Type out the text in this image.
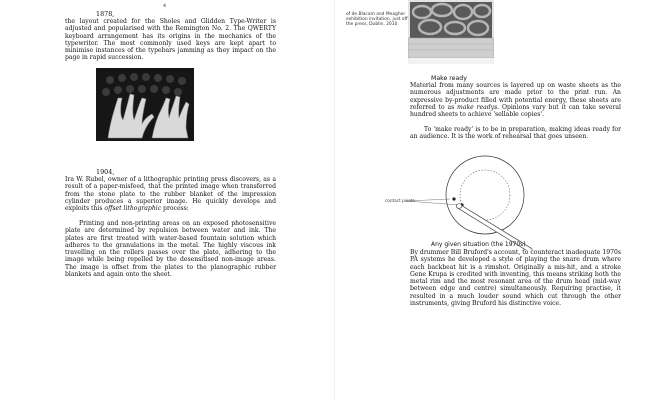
4
1878,

the layout created for the Sholes and Glidden Type-Writer is adjusted and popularised with the Remington No. 2. The QWERTY keyboard arrangement has its origins in the mechanics of the typewriter. The most commonly used keys are kept apart to minimise instances of the typebars jamming as they impact on the page in rapid succession.

1904,

Ira W. Rubel, owner of a lithographic printing press discovers, as a result of a paper-misfeed, that the printed image when transferred from the stone plate to the rubber blanket of the impression cylinder produces a superior image. He quickly develops and exploits this offset lithographic process:

Printing and non-printing areas on an exposed photosensitive plate are determined by repulsion between water and ink. The plates are first treated with water-based fountain solution which adheres to the granulations in the metal. The highly viscous ink travelling on the rollers passes over the plate, adhering to the image while being repelled by the desensitised non-image areas. The image is offset from the plates to the planographic rubber blankets and again onto the sheet.

of de Blacam and Meagher exhibition invitation, just off the press, Dublin, 2010
Make ready

Material from many sources is layered up on waste sheets as the numerous adjustments are made prior to the print run. An expressive by-product filled with potential energy, these sheets are referred to as make readys. Opinions vary but it can take several hundred sheets to achieve 'sellable copies'.

To 'make ready' is to be in preparation, making ideas ready for an audience. It is the work of rehearsal that goes unseen.

contact points
Any given situation (the 1970s)

By drummer Bill Bruford's account, to counteract inadequate 1970s PA systems he developed a style of playing the snare drum where each backbeat hit is a rimshot. Originally a mis-hit, and a stroke Gene Krupa is credited with inventing, this means striking both the metal rim and the most resonant area of the drum head (mid-way between edge and centre) simultaneously. Requiring practise, it resulted in a much louder sound which cut through the other instruments, giving Bruford his distinctive voice.
